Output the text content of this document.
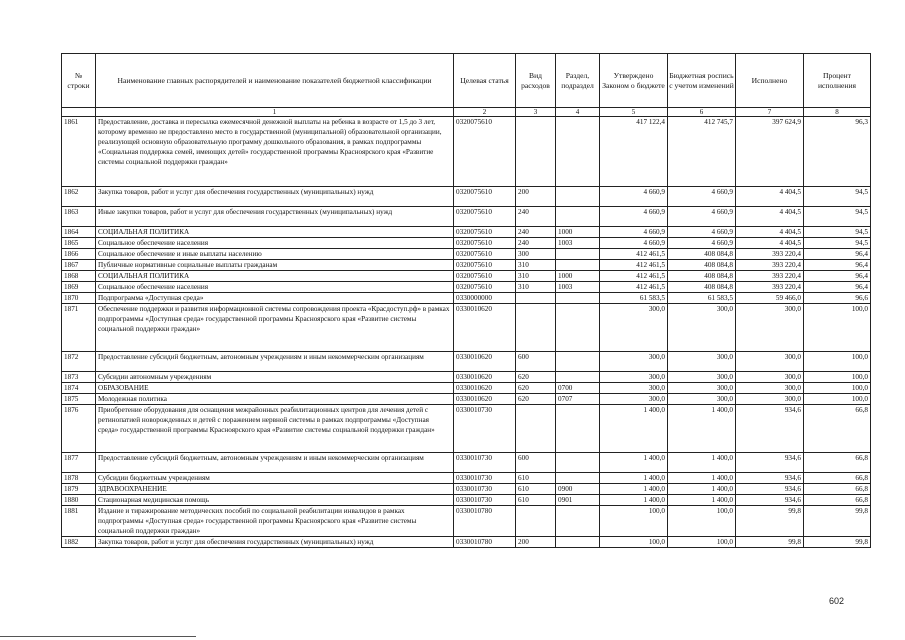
№ строки	Наименование главных распорядителей и наименование показателей бюджетной классификации	Целевая статья	Вид расходов	Раздел, подраздел	Утверждено Законом о бюджете	Бюджетная роспись с учетом изменений	Исполнено	Процент исполнения
	1	2	3	4	5	6	7	8
1861	Предоставление, доставка и пересылка ежемесячной денежной выплаты на ребенка в возрасте от 1,5 до 3 лет, которому временно не предоставлено место в государственной (муниципальной) образовательной организации, реализующей основную образовательную программу дошкольного образования, в рамках подпрограммы «Социальная поддержка семей, имеющих детей» государственной программы Красноярского края «Развитие системы социальной поддержки граждан»	0320075610			417 122,4	412 745,7	397 624,9	96,3
1862	Закупка товаров, работ и услуг для обеспечения государственных (муниципальных) нужд	0320075610	200		4 660,9	4 660,9	4 404,5	94,5
1863	Иные закупки товаров, работ и услуг для обеспечения государственных (муниципальных) нужд	0320075610	240		4 660,9	4 660,9	4 404,5	94,5
1864	СОЦИАЛЬНАЯ ПОЛИТИКА	0320075610	240	1000	4 660,9	4 660,9	4 404,5	94,5
1865	Социальное обеспечение населения	0320075610	240	1003	4 660,9	4 660,9	4 404,5	94,5
1866	Социальное обеспечение и иные выплаты населению	0320075610	300		412 461,5	408 084,8	393 220,4	96,4
1867	Публичные нормативные социальные выплаты гражданам	0320075610	310		412 461,5	408 084,8	393 220,4	96,4
1868	СОЦИАЛЬНАЯ ПОЛИТИКА	0320075610	310	1000	412 461,5	408 084,8	393 220,4	96,4
1869	Социальное обеспечение населения	0320075610	310	1003	412 461,5	408 084,8	393 220,4	96,4
1870	Подпрограмма «Доступная среда»	0330000000			61 583,5	61 583,5	59 466,0	96,6
1871	Обеспечение поддержки и развития информационной системы сопровождения проекта «Красдоступ.рф» в рамках подпрограммы «Доступная среда» государственной программы Красноярского края «Развитие системы социальной поддержки граждан»	0330010620			300,0	300,0	300,0	100,0
1872	Предоставление субсидий бюджетным, автономным учреждениям и иным некоммерческим организациям	0330010620	600		300,0	300,0	300,0	100,0
1873	Субсидии автономным учреждениям	0330010620	620		300,0	300,0	300,0	100,0
1874	ОБРАЗОВАНИЕ	0330010620	620	0700	300,0	300,0	300,0	100,0
1875	Молодежная политика	0330010620	620	0707	300,0	300,0	300,0	100,0
1876	Приобретение оборудования для оснащения межрайонных реабилитационных центров для лечения детей с ретинопатией новорожденных и детей с поражением нервной системы в рамках подпрограммы «Доступная среда» государственной программы Красноярского края «Развитие системы социальной поддержки граждан»	0330010730			1 400,0	1 400,0	934,6	66,8
1877	Предоставление субсидий бюджетным, автономным учреждениям и иным некоммерческим организациям	0330010730	600		1 400,0	1 400,0	934,6	66,8
1878	Субсидии бюджетным учреждениям	0330010730	610		1 400,0	1 400,0	934,6	66,8
1879	ЗДРАВООХРАНЕНИЕ	0330010730	610	0900	1 400,0	1 400,0	934,6	66,8
1880	Стационарная медицинская помощь	0330010730	610	0901	1 400,0	1 400,0	934,6	66,8
1881	Издание и тиражирование методических пособий по социальной реабилитации инвалидов в рамках подпрограммы «Доступная среда» государственной программы Красноярского края «Развитие системы социальной поддержки граждан»	0330010780			100,0	100,0	99,8	99,8
1882	Закупка товаров, работ и услуг для обеспечения государственных (муниципальных) нужд	0330010780	200		100,0	100,0	99,8	99,8
602
